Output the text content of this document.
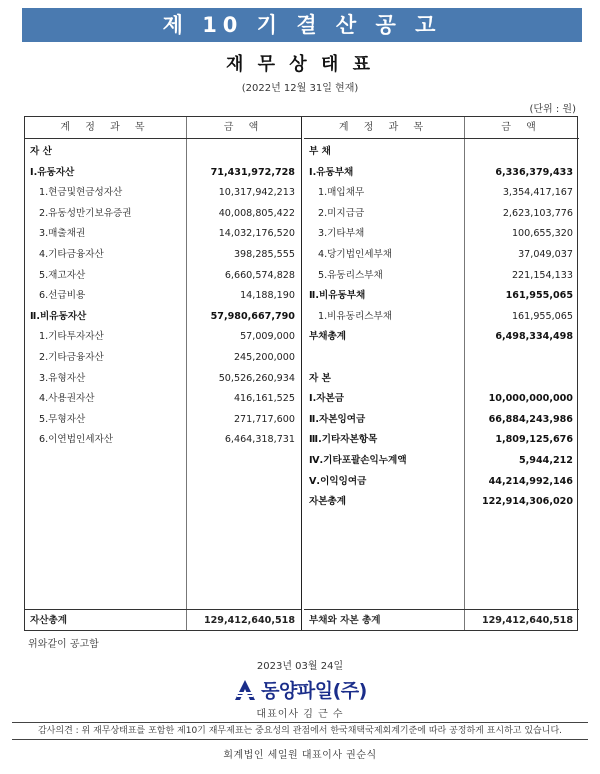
제 10 기 결 산 공 고
재 무 상 태 표
(2022년 12월 31일 현재)
(단위 : 원)
계 정 과 목	금 액
자 산
Ⅰ.유동자산	71,431,972,728
1.현금및현금성자산	10,317,942,213
2.유동성만기보유증권	40,008,805,422
3.매출채권	14,032,176,520
4.기타금융자산	398,285,555
5.재고자산	6,660,574,828
6.선급비용	14,188,190
Ⅱ.비유동자산	57,980,667,790
1.기타투자자산	57,009,000
2.기타금융자산	245,200,000
3.유형자산	50,526,260,934
4.사용권자산	416,161,525
5.무형자산	271,717,600
6.이연법인세자산	6,464,318,731
자산총계	129,412,640,518
계 정 과 목	금 액
부 채
Ⅰ.유동부채	6,336,379,433
1.매입채무	3,354,417,167
2.미지급금	2,623,103,776
3.기타부채	100,655,320
4.당기법인세부채	37,049,037
5.유동리스부채	221,154,133
Ⅱ.비유동부채	161,955,065
1.비유동리스부채	161,955,065
부채총계	6,498,334,498
자 본
Ⅰ.자본금	10,000,000,000
Ⅱ.자본잉여금	66,884,243,986
Ⅲ.기타자본항목	1,809,125,676
Ⅳ.기타포괄손익누계액	5,944,212
Ⅴ.이익잉여금	44,214,992,146
자본총계	122,914,306,020
부채와 자본 총계	129,412,640,518
위와같이 공고함
2023년 03월 24일
동양파일(주)
대표이사 김 근 수
감사의견 : 위 재무상태표를 포함한 제10기 재무제표는 중요성의 관점에서 한국채택국제회계기준에 따라 공정하게 표시하고 있습니다.
회계법인 세일원 대표이사 권순식
